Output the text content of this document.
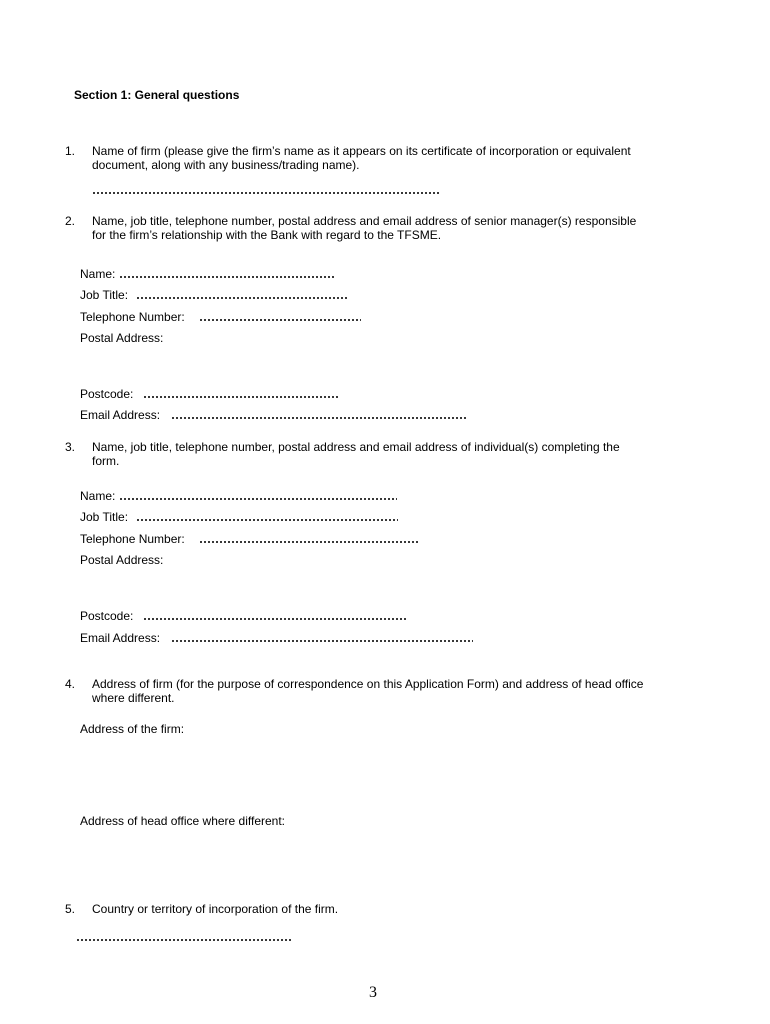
Section 1: General questions
1. Name of firm (please give the firm’s name as it appears on its certificate of incorporation or equivalent
document, along with any business/trading name).
2. Name, job title, telephone number, postal address and email address of senior manager(s) responsible
for the firm’s relationship with the Bank with regard to the TFSME.
Name:
Job Title:
Telephone Number:
Postal Address:
Postcode:
Email Address:
3. Name, job title, telephone number, postal address and email address of individual(s) completing the
form.
Name:
Job Title:
Telephone Number:
Postal Address:
Postcode:
Email Address:
4. Address of firm (for the purpose of correspondence on this Application Form) and address of head office
where different.
Address of the firm:
Address of head office where different:
5. Country or territory of incorporation of the firm.
3
